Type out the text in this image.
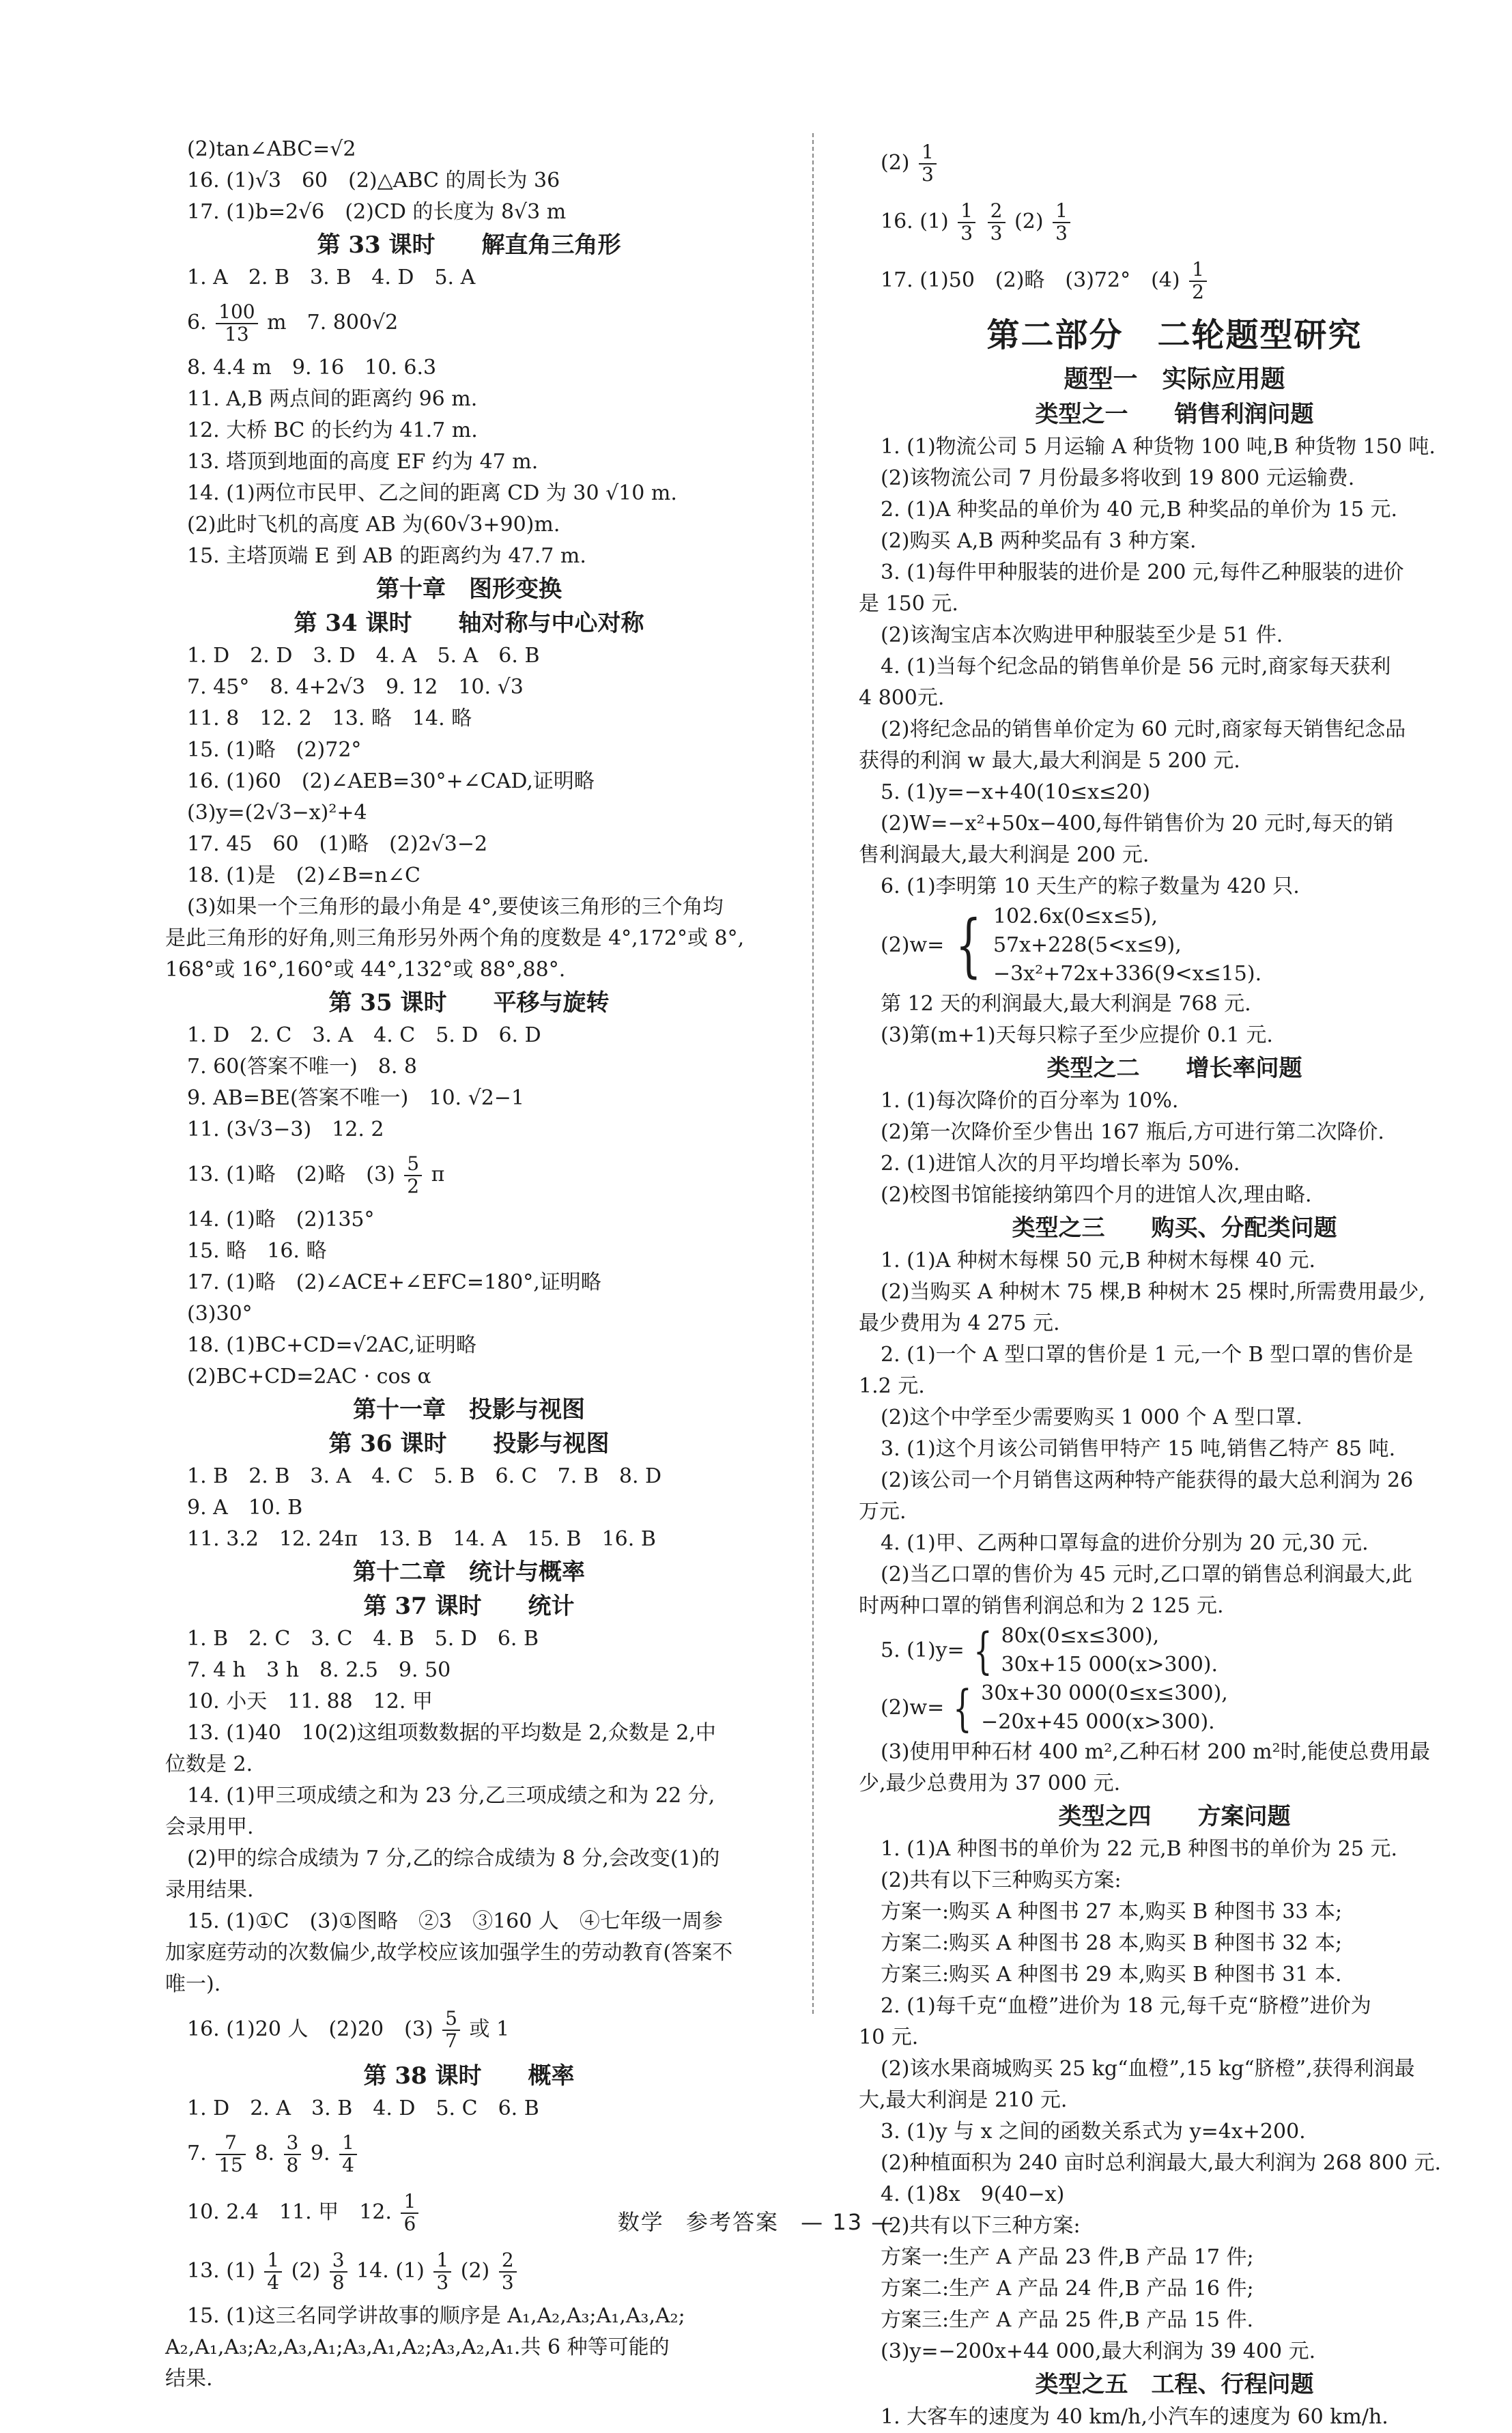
(2)tan∠ABC=√2
16. (1)√3　60　(2)△ABC 的周长为 36
17. (1)b=2√6　(2)CD 的长度为 8√3 m
第 33 课时　　解直角三角形
1. A　2. B　3. B　4. D　5. A
6. $\frac{100}{13}$ m　7. 800√2
8. 4.4 m　9. 16　10. 6.3
11. A,B 两点间的距离约 96 m.
12. 大桥 BC 的长约为 41.7 m.
13. 塔顶到地面的高度 EF 约为 47 m.
14. (1)两位市民甲、乙之间的距离 CD 为 30 √10 m.
(2)此时飞机的高度 AB 为(60√3+90)m.
15. 主塔顶端 E 到 AB 的距离约为 47.7 m.
第十章　图形变换
第 34 课时　　轴对称与中心对称
1. D　2. D　3. D　4. A　5. A　6. B
7. 45°　8. 4+2√3　9. 12　10. √3
11. 8　12. 2　13. 略　14. 略
15. (1)略　(2)72°
16. (1)60　(2)∠AEB=30°+∠CAD,证明略
(3)y=(2√3−x)²+4
17. 45　60　(1)略　(2)2√3−2
18. (1)是　(2)∠B=n∠C
(3)如果一个三角形的最小角是 4°,要使该三角形的三个角均
是此三角形的好角,则三角形另外两个角的度数是 4°,172°或 8°,
168°或 16°,160°或 44°,132°或 88°,88°.
第 35 课时　　平移与旋转
1. D　2. C　3. A　4. C　5. D　6. D
7. 60(答案不唯一)　8. 8
9. AB=BE(答案不唯一)　10. √2−1
11. (3√3−3)　12. 2
13. (1)略　(2)略　$(3) \frac{5}{2}$ π
14. (1)略　(2)135°
15. 略　16. 略
17. (1)略　(2)∠ACE+∠EFC=180°,证明略
(3)30°
18. (1)BC+CD=√2AC,证明略
(2)BC+CD=2AC · cos α
第十一章　投影与视图
第 36 课时　　投影与视图
1. B　2. B　3. A　4. C　5. B　6. C　7. B　8. D
9. A　10. B
11. 3.2　12. 24π　13. B　14. A　15. B　16. B
第十二章　统计与概率
第 37 课时　　统计
1. B　2. C　3. C　4. B　5. D　6. B
7. 4 h　3 h　8. 2.5　9. 50
10. 小天　11. 88　12. 甲
13. (1)40　10(2)这组项数数据的平均数是 2,众数是 2,中
位数是 2.
14. (1)甲三项成绩之和为 23 分,乙三项成绩之和为 22 分,
会录用甲.
(2)甲的综合成绩为 7 分,乙的综合成绩为 8 分,会改变(1)的
录用结果.
15. (1)①C　(3)①图略　②3　③160 人　④七年级一周参
加家庭劳动的次数偏少,故学校应该加强学生的劳动教育(答案不
唯一).
16. (1)20 人　(2)20　$(3) \frac{5}{7}$ 或 1
第 38 课时　　概率
1. D　2. A　3. B　4. D　5. C　6. B
7. $\frac{7}{15} 8$. $\frac{3}{8} 9$. $\frac{1}{4}$
10. 2.4　11. 甲　12. $\frac{1}{6}$
13. $(1) \frac{1}{4} (2) \frac{3}{8} 14$. $(1) \frac{1}{3} (2) \frac{2}{3}$
15. (1)这三名同学讲故事的顺序是 A₁,A₂,A₃;A₁,A₃,A₂;
A₂,A₁,A₃;A₂,A₃,A₁;A₃,A₁,A₂;A₃,A₂,A₁.共 6 种等可能的
结果.
$(2) \frac{1}{3}$
16. $(1) \frac{1}{3}$
$\frac{2}{3} (2) \frac{1}{3}$
17. (1)50　(2)略　(3)72°　$(4) \frac{1}{2}$
第二部分　二轮题型研究
题型一　实际应用题
类型之一　　销售利润问题
1. (1)物流公司 5 月运输 A 种货物 100 吨,B 种货物 150 吨.
(2)该物流公司 7 月份最多将收到 19 800 元运输费.
2. (1)A 种奖品的单价为 40 元,B 种奖品的单价为 15 元.
(2)购买 A,B 两种奖品有 3 种方案.
3. (1)每件甲种服装的进价是 200 元,每件乙种服装的进价
是 150 元.
(2)该淘宝店本次购进甲种服装至少是 51 件.
4. (1)当每个纪念品的销售单价是 56 元时,商家每天获利
4 800元.
(2)将纪念品的销售单价定为 60 元时,商家每天销售纪念品
获得的利润 w 最大,最大利润是 5 200 元.
5. (1)y=−x+40(10≤x≤20)
(2)W=−x²+50x−400,每件销售价为 20 元时,每天的销
售利润最大,最大利润是 200 元.
6. (1)李明第 10 天生产的粽子数量为 420 只.
(2)w= { 102.6x(0≤x≤5),
57x+228(5<x≤9),
−3x²+72x+336(9<x≤15).
第 12 天的利润最大,最大利润是 768 元.
(3)第(m+1)天每只粽子至少应提价 0.1 元.
类型之二　　增长率问题
1. (1)每次降价的百分率为 10%.
(2)第一次降价至少售出 167 瓶后,方可进行第二次降价.
2. (1)进馆人次的月平均增长率为 50%.
(2)校图书馆能接纳第四个月的进馆人次,理由略.
类型之三　　购买、分配类问题
1. (1)A 种树木每棵 50 元,B 种树木每棵 40 元.
(2)当购买 A 种树木 75 棵,B 种树木 25 棵时,所需费用最少,
最少费用为 4 275 元.
2. (1)一个 A 型口罩的售价是 1 元,一个 B 型口罩的售价是
1.2 元.
(2)这个中学至少需要购买 1 000 个 A 型口罩.
3. (1)这个月该公司销售甲特产 15 吨,销售乙特产 85 吨.
(2)该公司一个月销售这两种特产能获得的最大总利润为 26
万元.
4. (1)甲、乙两种口罩每盒的进价分别为 20 元,30 元.
(2)当乙口罩的售价为 45 元时,乙口罩的销售总利润最大,此
时两种口罩的销售利润总和为 2 125 元.
5. (1)y= { 80x(0≤x≤300),
30x+15 000(x>300).
(2)w= { 30x+30 000(0≤x≤300),
−20x+45 000(x>300).
(3)使用甲种石材 400 m²,乙种石材 200 m²时,能使总费用最
少,最少总费用为 37 000 元.
类型之四　　方案问题
1. (1)A 种图书的单价为 22 元,B 种图书的单价为 25 元.
(2)共有以下三种购买方案:
方案一:购买 A 种图书 27 本,购买 B 种图书 33 本;
方案二:购买 A 种图书 28 本,购买 B 种图书 32 本;
方案三:购买 A 种图书 29 本,购买 B 种图书 31 本.
2. (1)每千克“血橙”进价为 18 元,每千克“脐橙”进价为
10 元.
(2)该水果商城购买 25 kg“血橙”,15 kg“脐橙”,获得利润最
大,最大利润是 210 元.
3. (1)y 与 x 之间的函数关系式为 y=4x+200.
(2)种植面积为 240 亩时总利润最大,最大利润为 268 800 元.
4. (1)8x　9(40−x)
(2)共有以下三种方案:
方案一:生产 A 产品 23 件,B 产品 17 件;
方案二:生产 A 产品 24 件,B 产品 16 件;
方案三:生产 A 产品 25 件,B 产品 15 件.
(3)y=−200x+44 000,最大利润为 39 400 元.
类型之五　工程、行程问题
1. 大客车的速度为 40 km/h,小汽车的速度为 60 km/h.
数学 参考答案 — 13 —
